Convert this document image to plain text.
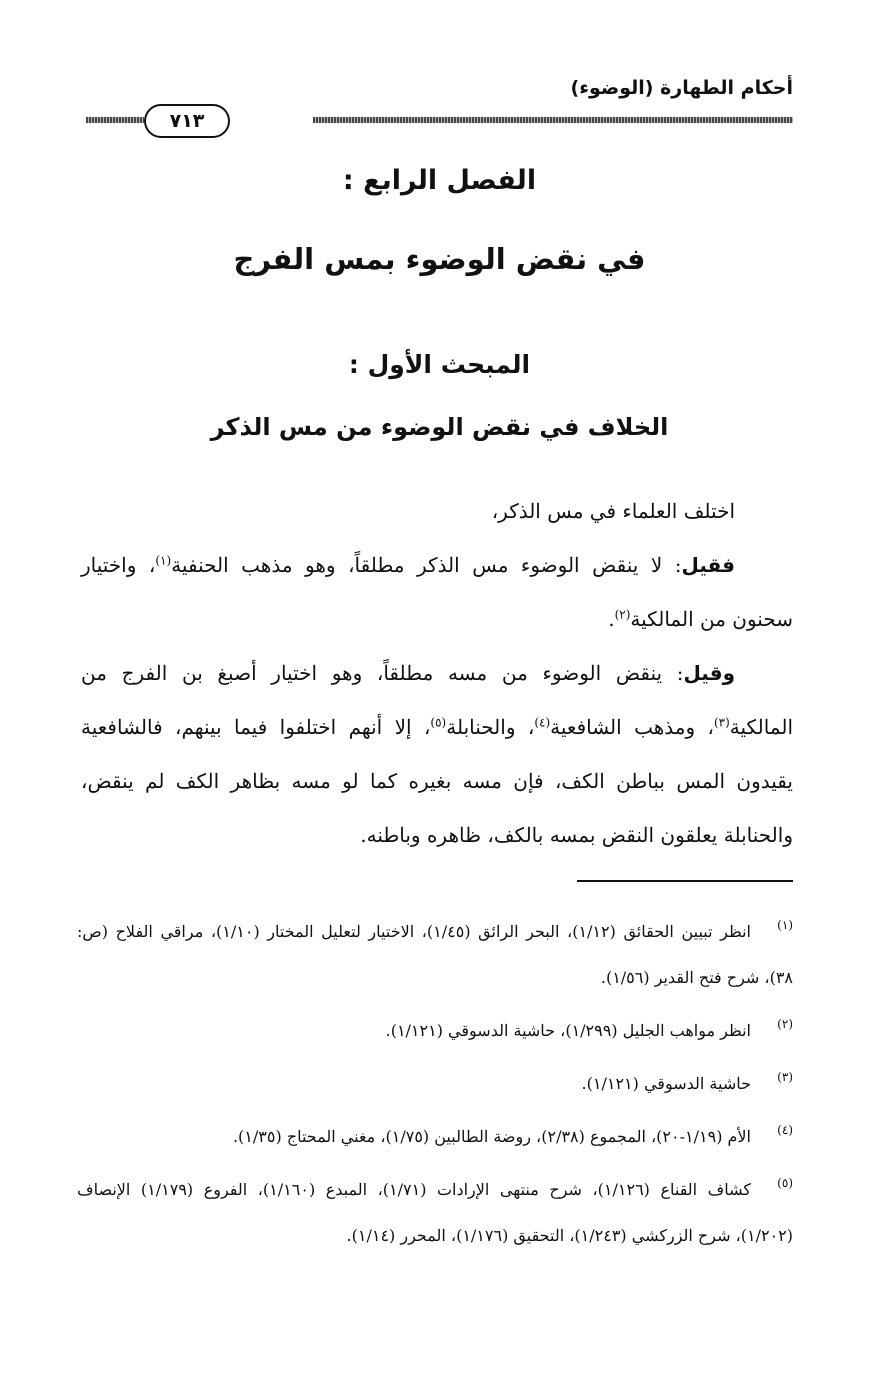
أحكام الطهارة (الوضوء)
٧١٣
الفصل الرابع :
في نقض الوضوء بمس الفرج
المبحث الأول :
الخلاف في نقض الوضوء من مس الذكر

اختلف العلماء في مس الذكر،

فقيل: لا ينقض الوضوء مس الذكر مطلقاً، وهو مذهب الحنفية$^{(١)}$، واختيار سحنون من المالكية$^{(٢)}$.

وقيل: ينقض الوضوء من مسه مطلقاً، وهو اختيار أصبغ بن الفرج من المالكية$^{(٣)}$، ومذهب الشافعية$^{(٤)}$، والحنابلة$^{(٥)}$، إلا أنهم اختلفوا فيما بينهم، فالشافعية يقيدون المس بباطن الكف، فإن مسه بغيره كما لو مسه بظاهر الكف لم ينقض، والحنابلة يعلقون النقض بمسه بالكف، ظاهره وباطنه.

(١)انظر تبيين الحقائق (١/١٢)، البحر الرائق (١/٤٥)، الاختيار لتعليل المختار (١/١٠)، مراقي الفلاح (ص: ٣٨)، شرح فتح القدير (١/٥٦).

(٢)انظر مواهب الجليل (١/٢٩٩)، حاشية الدسوقي (١/١٢١).

(٣)حاشية الدسوقي (١/١٢١).

(٤)الأم (١/١٩-٢٠)، المجموع (٢/٣٨)، روضة الطالبين (١/٧٥)، مغني المحتاج (١/٣٥).

(٥)كشاف القناع (١/١٢٦)، شرح منتهى الإرادات (١/٧١)، المبدع (١/١٦٠)، الفروع (١/١٧٩) الإنصاف (١/٢٠٢)، شرح الزركشي (١/٢٤٣)، التحقيق (١/١٧٦)، المحرر (١/١٤).
